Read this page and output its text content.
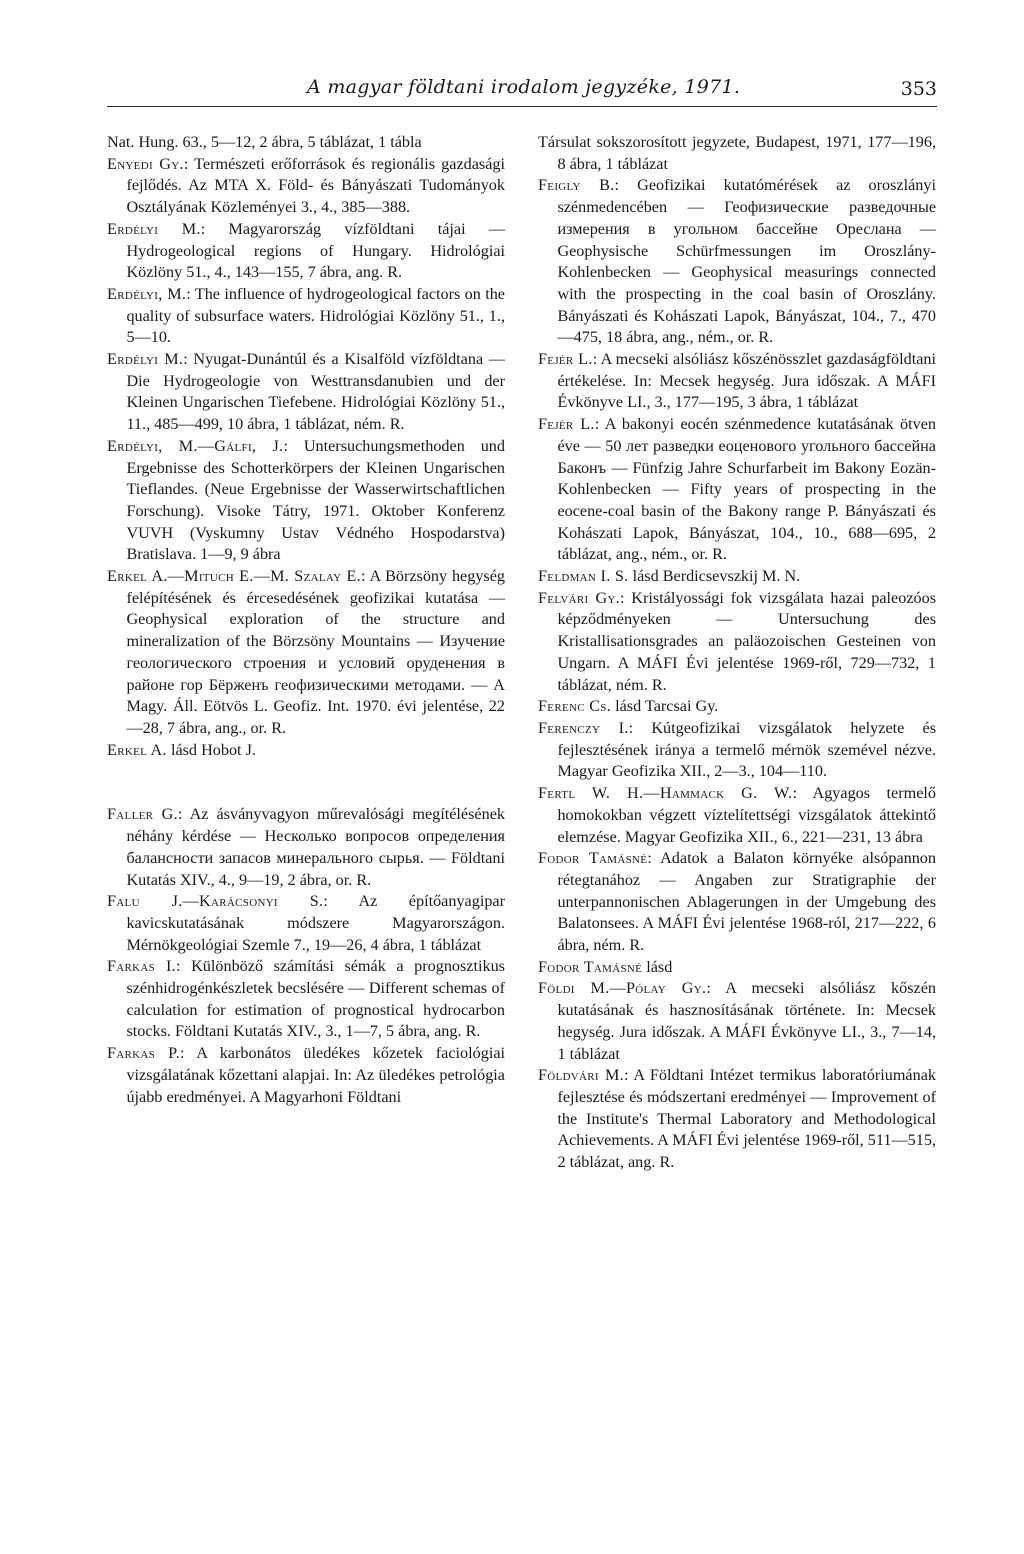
A magyar földtani irodalom jegyzéke, 1971.	353

Nat. Hung. 63., 5—12, 2 ábra, 5 táblázat, 1 tábla

Enyedi Gy.: Természeti erőforrások és regionális gazdasági fejlődés. Az MTA X. Föld- és Bányászati Tudományok Osztályának Közleményei 3., 4., 385—388.

Erdélyi M.: Magyarország vízföldtani tájai — Hydrogeological regions of Hungary. Hidrológiai Közlöny 51., 4., 143—155, 7 ábra, ang. R.

Erdélyi, M.: The influence of hydrogeological factors on the quality of subsurface waters. Hidrológiai Közlöny 51., 1., 5—10.

Erdélyi M.: Nyugat-Dunántúl és a Kisalföld vízföldtana — Die Hydrogeologie von Westtransdanubien und der Kleinen Ungarischen Tiefebene. Hidrológiai Közlöny 51., 11., 485—499, 10 ábra, 1 táblázat, ném. R.

Erdélyi, M.—Gálfi, J.: Untersuchungsmethoden und Ergebnisse des Schotterkörpers der Kleinen Ungarischen Tieflandes. (Neue Ergebnisse der Wasserwirtschaftlichen Forschung). Visoke Tátry, 1971. Oktober Konferenz VUVH (Vyskumny Ustav Védného Hospodarstva) Bratislava. 1—9, 9 ábra

Erkel A.—Mituch E.—M. Szalay E.: A Börzsöny hegység felépítésének és ércesedésének geofizikai kutatása — Geophysical exploration of the structure and mineralization of the Börzsöny Mountains — Изучение геологического строения и условий оруденения в районе гор Бёрженъ геофизическими методами. — A Magy. Áll. Eötvös L. Geofiz. Int. 1970. évi jelentése, 22—28, 7 ábra, ang., or. R.

Erkel A. lásd Hobot J.

Faller G.: Az ásványvagyon műrevalósági megítélésének néhány kérdése — Несколько вопросов определения балансности запасов минерального сырья. — Földtani Kutatás XIV., 4., 9—19, 2 ábra, or. R.

Falu J.—Karácsonyi S.: Az építőanyagipar kavicskutatásának módszere Magyarországon. Mérnökgeológiai Szemle 7., 19—26, 4 ábra, 1 táblázat

Farkas I.: Különböző számítási sémák a prognosztikus szénhidrogénkészletek becslésére — Different schemas of calculation for estimation of prognostical hydrocarbon stocks. Földtani Kutatás XIV., 3., 1—7, 5 ábra, ang. R.

Farkas P.: A karbonátos üledékes kőzetek faciológiai vizsgálatának kőzettani alapjai. In: Az üledékes petrológia újabb eredményei. A Magyarhoni Földtani

Társulat sokszorosított jegyzete, Budapest, 1971, 177—196, 8 ábra, 1 táblázat

Feigly B.: Geofizikai kutatómérések az oroszlányi szénmedencében — Геофизические разведочные измерения в угольном бассейне Ореслана — Geophysische Schürfmessungen im Oroszlány-Kohlenbecken — Geophysical measurings connected with the prospecting in the coal basin of Oroszlány. Bányászati és Kohászati Lapok, Bányászat, 104., 7., 470—475, 18 ábra, ang., ném., or. R.

Fejér L.: A mecseki alsóliász kőszénösszlet gazdaságföldtani értékelése. In: Mecsek hegység. Jura időszak. A MÁFI Évkönyve LI., 3., 177—195, 3 ábra, 1 táblázat

Fejér L.: A bakonyi eocén szénmedence kutatásának ötven éve — 50 лет разведки еоценового угольного бассейна Баконъ — Fünfzig Jahre Schurfarbeit im Bakony Eozän-Kohlenbecken — Fifty years of prospecting in the eocene-coal basin of the Bakony range P. Bányászati és Kohászati Lapok, Bányászat, 104., 10., 688—695, 2 táblázat, ang., ném., or. R.

Feldman I. S. lásd Berdicsevszkij M. N.

Felvári Gy.: Kristályossági fok vizsgálata hazai paleozóos képződményeken — Untersuchung des Kristallisationsgrades an paläozoischen Gesteinen von Ungarn. A MÁFI Évi jelentése 1969-ről, 729—732, 1 táblázat, ném. R.

Ferenc Cs. lásd Tarcsai Gy.

Ferenczy I.: Kútgeofizikai vizsgálatok helyzete és fejlesztésének iránya a termelő mérnök szemével nézve. Magyar Geofizika XII., 2—3., 104—110.

Fertl W. H.—Hammack G. W.: Agyagos termelő homokokban végzett víztelítettségi vizsgálatok áttekintő elemzése. Magyar Geofizika XII., 6., 221—231, 13 ábra

Fodor Tamásné: Adatok a Balaton környéke alsópannon rétegtanához — Angaben zur Stratigraphie der unterpannonischen Ablagerungen in der Umgebung des Balatonsees. A MÁFI Évi jelentése 1968-ról, 217—222, 6 ábra, ném. R.

Fodor Tamásné lásd

Földi M.—Pólay Gy.: A mecseki alsóliász kőszén kutatásának és hasznosításának története. In: Mecsek hegység. Jura időszak. A MÁFI Évkönyve LI., 3., 7—14, 1 táblázat

Földvári M.: A Földtani Intézet termikus laboratóriumának fejlesztése és módszertani eredményei — Improvement of the Institute's Thermal Laboratory and Methodological Achievements. A MÁFI Évi jelentése 1969-ről, 511—515, 2 táblázat, ang. R.
